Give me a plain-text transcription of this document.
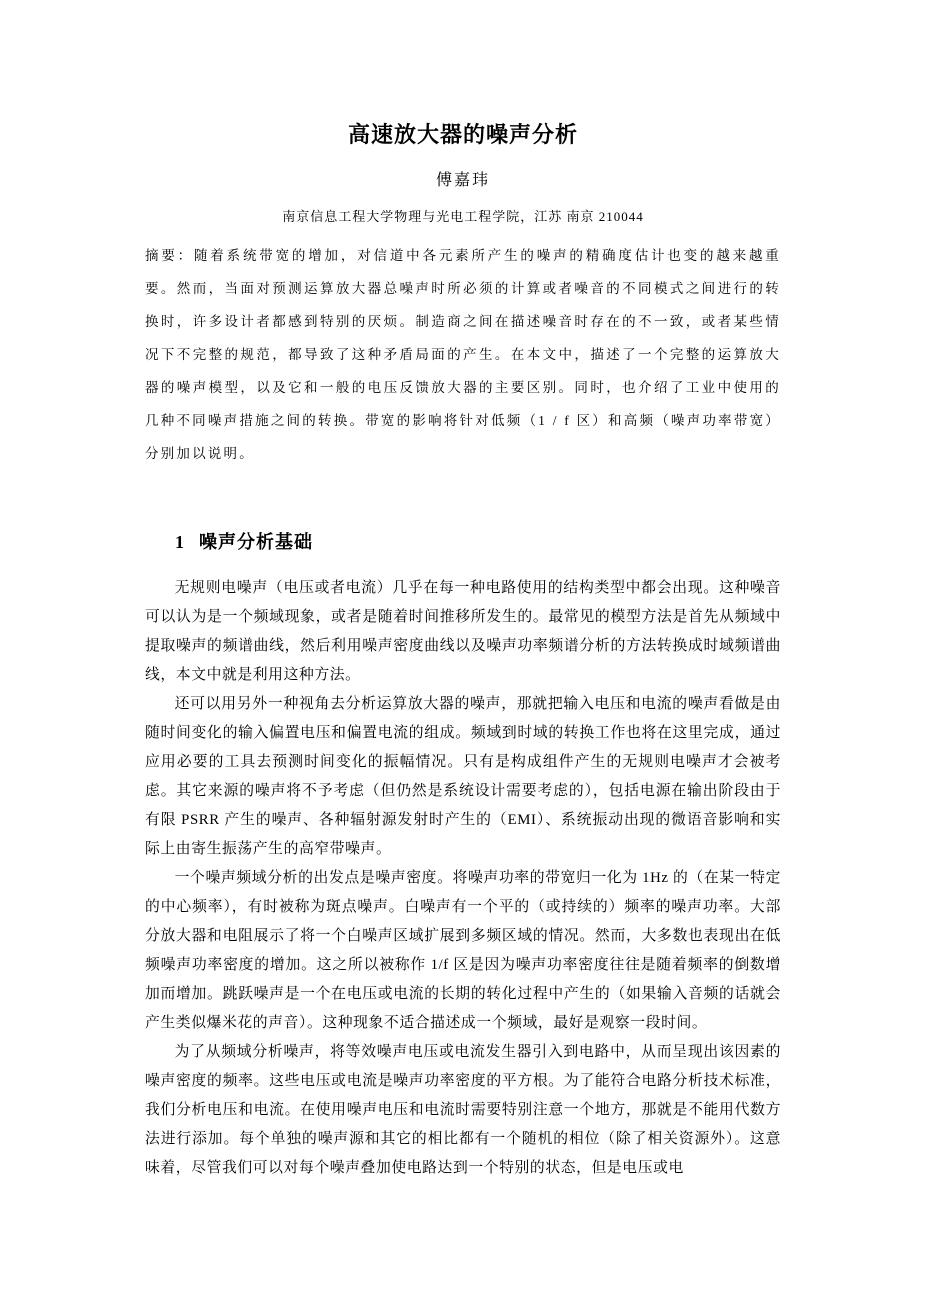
高速放大器的噪声分析
傅嘉玮
南京信息工程大学物理与光电工程学院，江苏 南京 210044

摘要：随着系统带宽的增加，对信道中各元素所产生的噪声的精确度估计也变的越来越重要。然而，当面对预测运算放大器总噪声时所必须的计算或者噪音的不同模式之间进行的转换时，许多设计者都感到特别的厌烦。制造商之间在描述噪音时存在的不一致，或者某些情况下不完整的规范，都导致了这种矛盾局面的产生。在本文中，描述了一个完整的运算放大器的噪声模型，以及它和一般的电压反馈放大器的主要区别。同时，也介绍了工业中使用的几种不同噪声措施之间的转换。带宽的影响将针对低频（1 / f 区）和高频（噪声功率带宽）分别加以说明。

1 噪声分析基础

无规则电噪声（电压或者电流）几乎在每一种电路使用的结构类型中都会出现。这种噪音可以认为是一个频域现象，或者是随着时间推移所发生的。最常见的模型方法是首先从频域中提取噪声的频谱曲线，然后利用噪声密度曲线以及噪声功率频谱分析的方法转换成时域频谱曲线，本文中就是利用这种方法。

还可以用另外一种视角去分析运算放大器的噪声，那就把输入电压和电流的噪声看做是由随时间变化的输入偏置电压和偏置电流的组成。频域到时域的转换工作也将在这里完成，通过应用必要的工具去预测时间变化的振幅情况。只有是构成组件产生的无规则电噪声才会被考虑。其它来源的噪声将不予考虑（但仍然是系统设计需要考虑的），包括电源在输出阶段由于有限 PSRR 产生的噪声、各种辐射源发射时产生的（EMI）、系统振动出现的微语音影响和实际上由寄生振荡产生的高窄带噪声。

一个噪声频域分析的出发点是噪声密度。将噪声功率的带宽归一化为 1Hz 的（在某一特定的中心频率），有时被称为斑点噪声。白噪声有一个平的（或持续的）频率的噪声功率。大部分放大器和电阻展示了将一个白噪声区域扩展到多频区域的情况。然而，大多数也表现出在低频噪声功率密度的增加。这之所以被称作 1/f 区是因为噪声功率密度往往是随着频率的倒数增加而增加。跳跃噪声是一个在电压或电流的长期的转化过程中产生的（如果输入音频的话就会产生类似爆米花的声音）。这种现象不适合描述成一个频域，最好是观察一段时间。

为了从频域分析噪声，将等效噪声电压或电流发生器引入到电路中，从而呈现出该因素的噪声密度的频率。这些电压或电流是噪声功率密度的平方根。为了能符合电路分析技术标准，我们分析电压和电流。在使用噪声电压和电流时需要特别注意一个地方，那就是不能用代数方法进行添加。每个单独的噪声源和其它的相比都有一个随机的相位（除了相关资源外）。这意味着，尽管我们可以对每个噪声叠加使电路达到一个特别的状态，但是电压或电
